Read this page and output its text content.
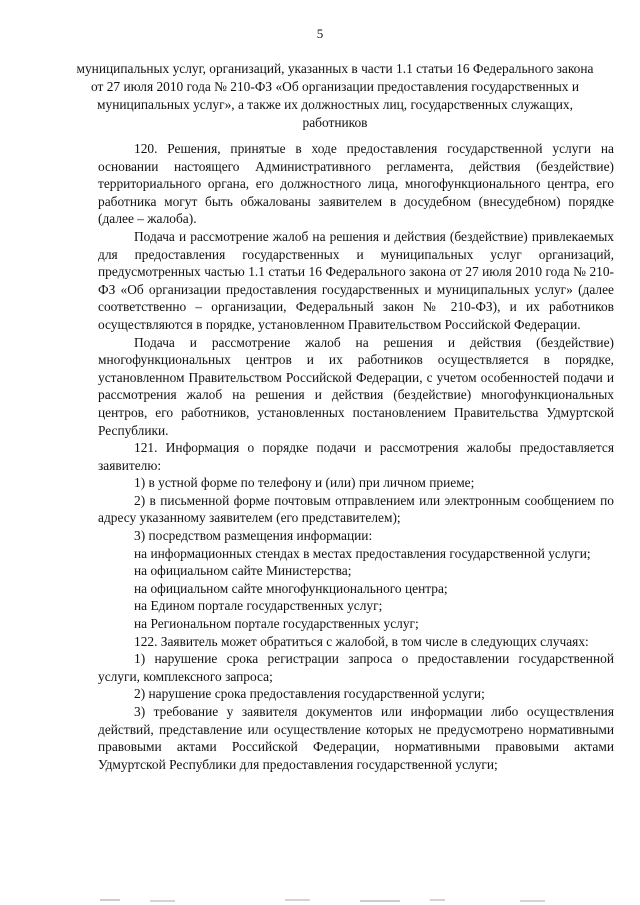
5
муниципальных услуг, организаций, указанных в части 1.1 статьи 16 Федерального закона от 27 июля 2010 года № 210-ФЗ «Об организации предоставления государственных и муниципальных услуг», а также их должностных лиц, государственных служащих, работников

120. Решения, принятые в ходе предоставления государственной услуги на основании настоящего Административного регламента, действия (бездействие) территориального органа, его должностного лица, многофункционального центра, его работника могут быть обжалованы заявителем в досудебном (внесудебном) порядке (далее – жалоба).

Подача и рассмотрение жалоб на решения и действия (бездействие) привлекаемых для предоставления государственных и муниципальных услуг организаций, предусмотренных частью 1.1 статьи 16 Федерального закона от 27 июля 2010 года № 210-ФЗ «Об организации предоставления государственных и муниципальных услуг» (далее соответственно – организации, Федеральный закон № 210-ФЗ), и их работников осуществляются в порядке, установленном Правительством Российской Федерации.

Подача и рассмотрение жалоб на решения и действия (бездействие) многофункциональных центров и их работников осуществляется в порядке, установленном Правительством Российской Федерации, с учетом особенностей подачи и рассмотрения жалоб на решения и действия (бездействие) многофункциональных центров, его работников, установленных постановлением Правительства Удмуртской Республики.

121. Информация о порядке подачи и рассмотрения жалобы предоставляется заявителю:

1) в устной форме по телефону и (или) при личном приеме;

2) в письменной форме почтовым отправлением или электронным сообщением по адресу указанному заявителем (его представителем);

3) посредством размещения информации:

на информационных стендах в местах предоставления государственной услуги;

на официальном сайте Министерства;

на официальном сайте многофункционального центра;

на Едином портале государственных услуг;

на Региональном портале государственных услуг;

122. Заявитель может обратиться с жалобой, в том числе в следующих случаях:

1) нарушение срока регистрации запроса о предоставлении государственной услуги, комплексного запроса;

2) нарушение срока предоставления государственной услуги;

3) требование у заявителя документов или информации либо осуществления действий, представление или осуществление которых не предусмотрено нормативными правовыми актами Российской Федерации, нормативными правовыми актами Удмуртской Республики для предоставления государственной услуги;
